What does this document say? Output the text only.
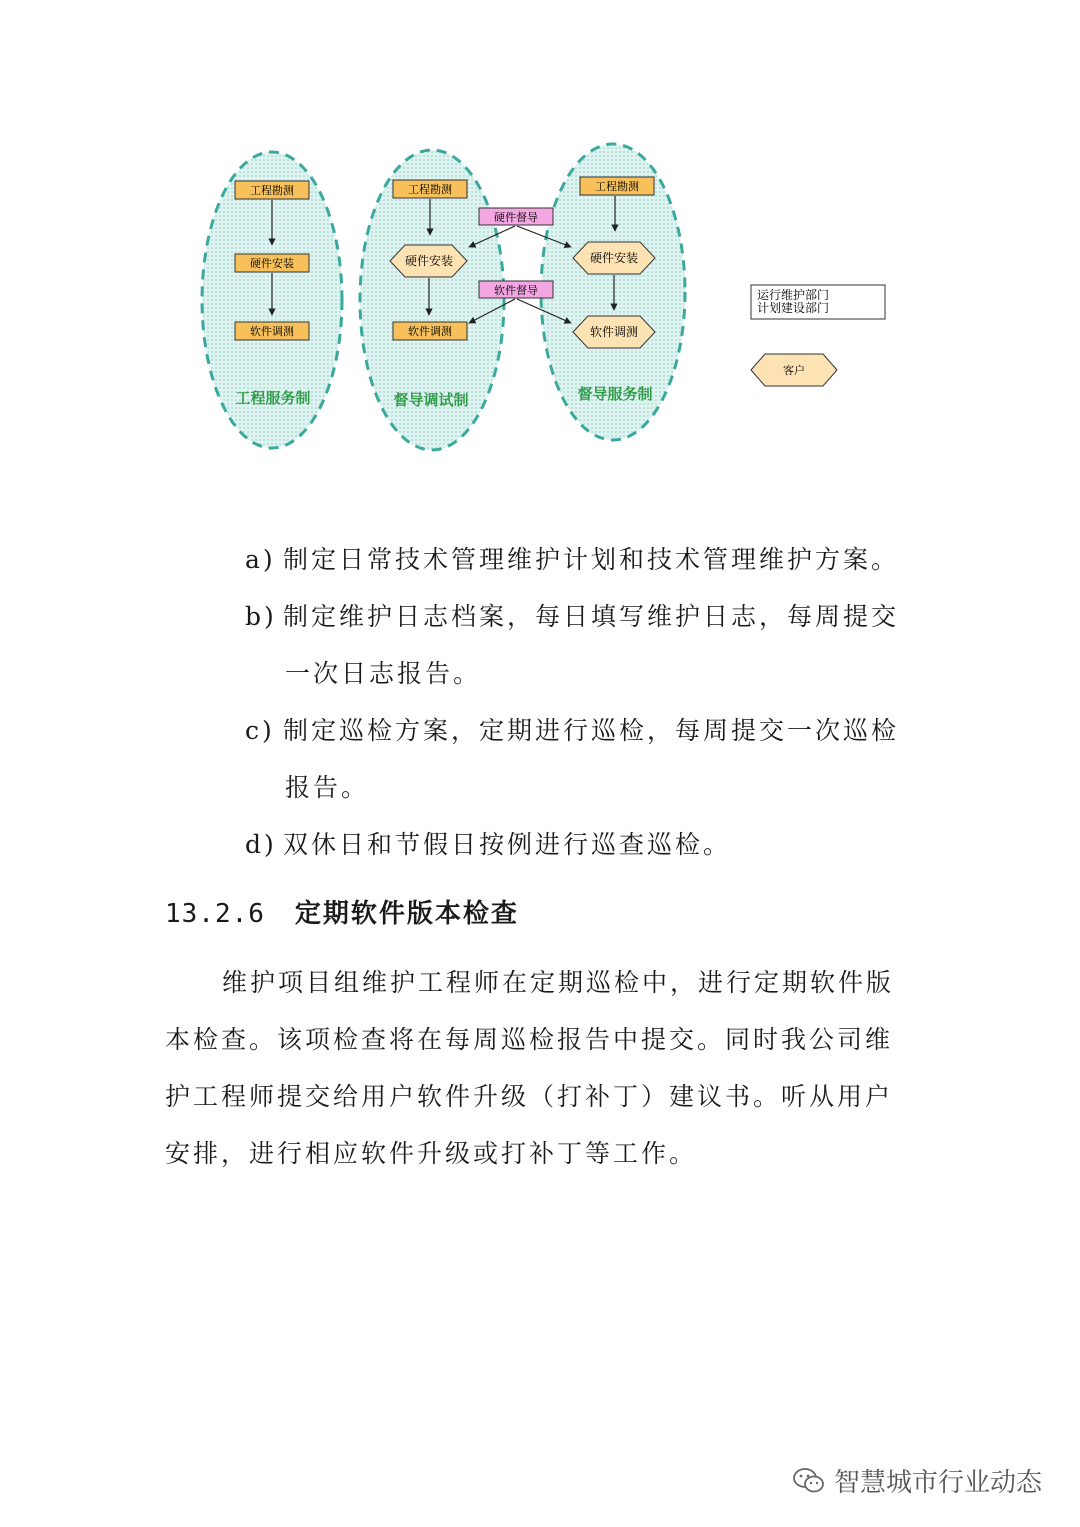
工程勘测
硬件安装
软件调测
工程服务制
工程勘测
硬件安装
软件调测
督导调试制
工程勘测
硬件安装
软件调测
督导服务制
硬件督导
软件督导	运行维护部门
计划建设部门
客户
a) 制定日常技术管理维护计划和技术管理维护方案。
b) 制定维护日志档案，每日填写维护日志，每周提交
一次日志报告。
c) 制定巡检方案，定期进行巡检，每周提交一次巡检
报告。
d) 双休日和节假日按例进行巡查巡检。
13.2.6 定期软件版本检查
维护项目组维护工程师在定期巡检中，进行定期软件版
本检查。该项检查将在每周巡检报告中提交。同时我公司维
护工程师提交给用户软件升级（打补丁）建议书。听从用户
安排，进行相应软件升级或打补丁等工作。
智慧城市行业动态
